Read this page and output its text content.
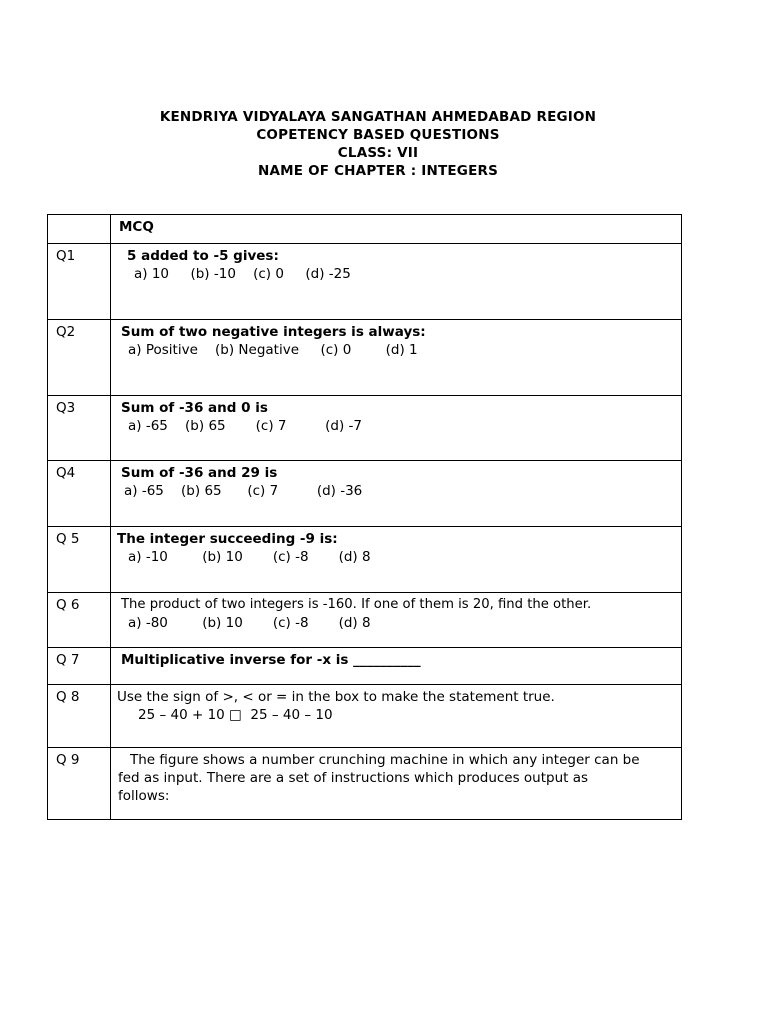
KENDRIYA VIDYALAYA SANGATHAN AHMEDABAD REGION
COPETENCY BASED QUESTIONS
CLASS: VII
NAME OF CHAPTER : INTEGERS
	MCQ
Q1	5 added to -5 gives:
a) 10     (b) -10    (c) 0     (d) -25

Q2	Sum of two negative integers is always:
a) Positive    (b) Negative     (c) 0        (d) 1

Q3	Sum of -36 and 0 is
a) -65    (b) 65       (c) 7         (d) -7

Q4	Sum of -36 and 29 is
a) -65    (b) 65      (c) 7         (d) -36

Q 5	The integer succeeding -9 is:
a) -10        (b) 10       (c) -8       (d) 8

Q 6	The product of two integers is -160. If one of them is 20, find the other.
a) -80        (b) 10       (c) -8       (d) 8

Q 7	Multiplicative inverse for -x is __________

Q 8	Use the sign of >, < or = in the box to make the statement true.
25 – 40 + 10 □  25 – 40 – 10

Q 9	The figure shows a number crunching machine in which any integer can be fed as input. There are a set of instructions which produces output as follows:
